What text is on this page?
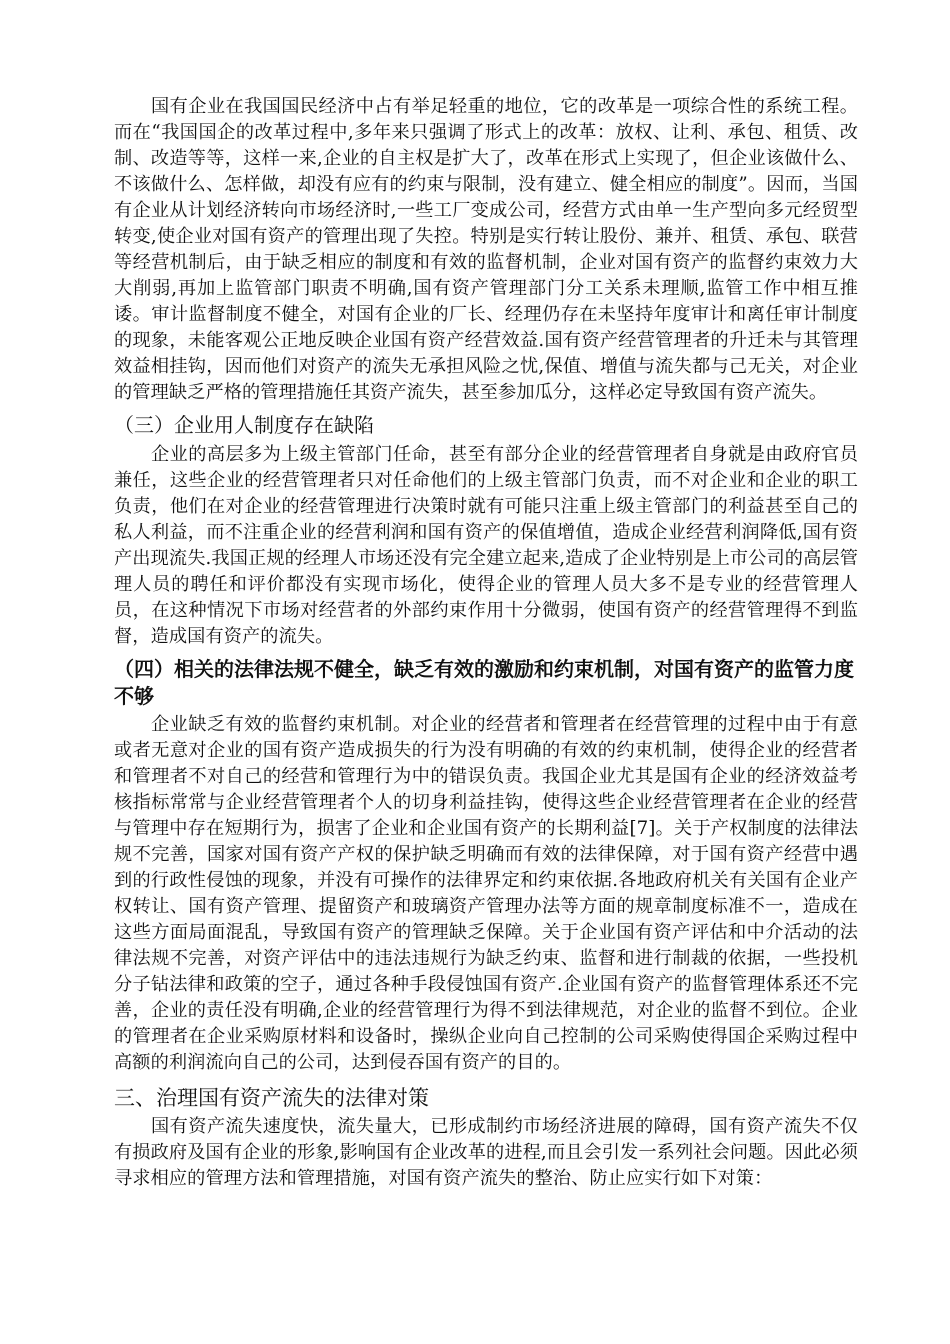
国有企业在我国国民经济中占有举足轻重的地位，它的改革是一项综合性的系统工程。而在“我国国企的改革过程中,多年来只强调了形式上的改革：放权、让利、承包、租赁、改制、改造等等，这样一来,企业的自主权是扩大了，改革在形式上实现了，但企业该做什么、不该做什么、怎样做，却没有应有的约束与限制，没有建立、健全相应的制度”。因而，当国有企业从计划经济转向市场经济时,一些工厂变成公司，经营方式由单一生产型向多元经贸型转变,使企业对国有资产的管理出现了失控。特别是实行转让股份、兼并、租赁、承包、联营等经营机制后，由于缺乏相应的制度和有效的监督机制，企业对国有资产的监督约束效力大大削弱,再加上监管部门职责不明确,国有资产管理部门分工关系未理顺,监管工作中相互推诿。审计监督制度不健全，对国有企业的厂长、经理仍存在未坚持年度审计和离任审计制度的现象，未能客观公正地反映企业国有资产经营效益.国有资产经营管理者的升迁未与其管理效益相挂钩，因而他们对资产的流失无承担风险之忧,保值、增值与流失都与己无关，对企业的管理缺乏严格的管理措施任其资产流失，甚至参加瓜分，这样必定导致国有资产流失。

（三）企业用人制度存在缺陷

企业的高层多为上级主管部门任命，甚至有部分企业的经营管理者自身就是由政府官员兼任，这些企业的经营管理者只对任命他们的上级主管部门负责，而不对企业和企业的职工负责，他们在对企业的经营管理进行决策时就有可能只注重上级主管部门的利益甚至自己的私人利益，而不注重企业的经营利润和国有资产的保值增值，造成企业经营利润降低,国有资产出现流失.我国正规的经理人市场还没有完全建立起来,造成了企业特别是上市公司的高层管理人员的聘任和评价都没有实现市场化，使得企业的管理人员大多不是专业的经营管理人员，在这种情况下市场对经营者的外部约束作用十分微弱，使国有资产的经营管理得不到监督，造成国有资产的流失。

（四）相关的法律法规不健全，缺乏有效的激励和约束机制，对国有资产的监管力度不够

企业缺乏有效的监督约束机制。对企业的经营者和管理者在经营管理的过程中由于有意或者无意对企业的国有资产造成损失的行为没有明确的有效的约束机制，使得企业的经营者和管理者不对自己的经营和管理行为中的错误负责。我国企业尤其是国有企业的经济效益考核指标常常与企业经营管理者个人的切身利益挂钩，使得这些企业经营管理者在企业的经营与管理中存在短期行为，损害了企业和企业国有资产的长期利益[7]。关于产权制度的法律法规不完善，国家对国有资产产权的保护缺乏明确而有效的法律保障，对于国有资产经营中遇到的行政性侵蚀的现象，并没有可操作的法律界定和约束依据.各地政府机关有关国有企业产权转让、国有资产管理、提留资产和玻璃资产管理办法等方面的规章制度标准不一，造成在这些方面局面混乱，导致国有资产的管理缺乏保障。关于企业国有资产评估和中介活动的法律法规不完善，对资产评估中的违法违规行为缺乏约束、监督和进行制裁的依据，一些投机分子钻法律和政策的空子，通过各种手段侵蚀国有资产.企业国有资产的监督管理体系还不完善，企业的责任没有明确,企业的经营管理行为得不到法律规范，对企业的监督不到位。企业的管理者在企业采购原材料和设备时，操纵企业向自己控制的公司采购使得国企采购过程中高额的利润流向自己的公司，达到侵吞国有资产的目的。

三、治理国有资产流失的法律对策

国有资产流失速度快，流失量大，已形成制约市场经济进展的障碍，国有资产流失不仅有损政府及国有企业的形象,影响国有企业改革的进程,而且会引发一系列社会问题。因此必须寻求相应的管理方法和管理措施，对国有资产流失的整治、防止应实行如下对策：
